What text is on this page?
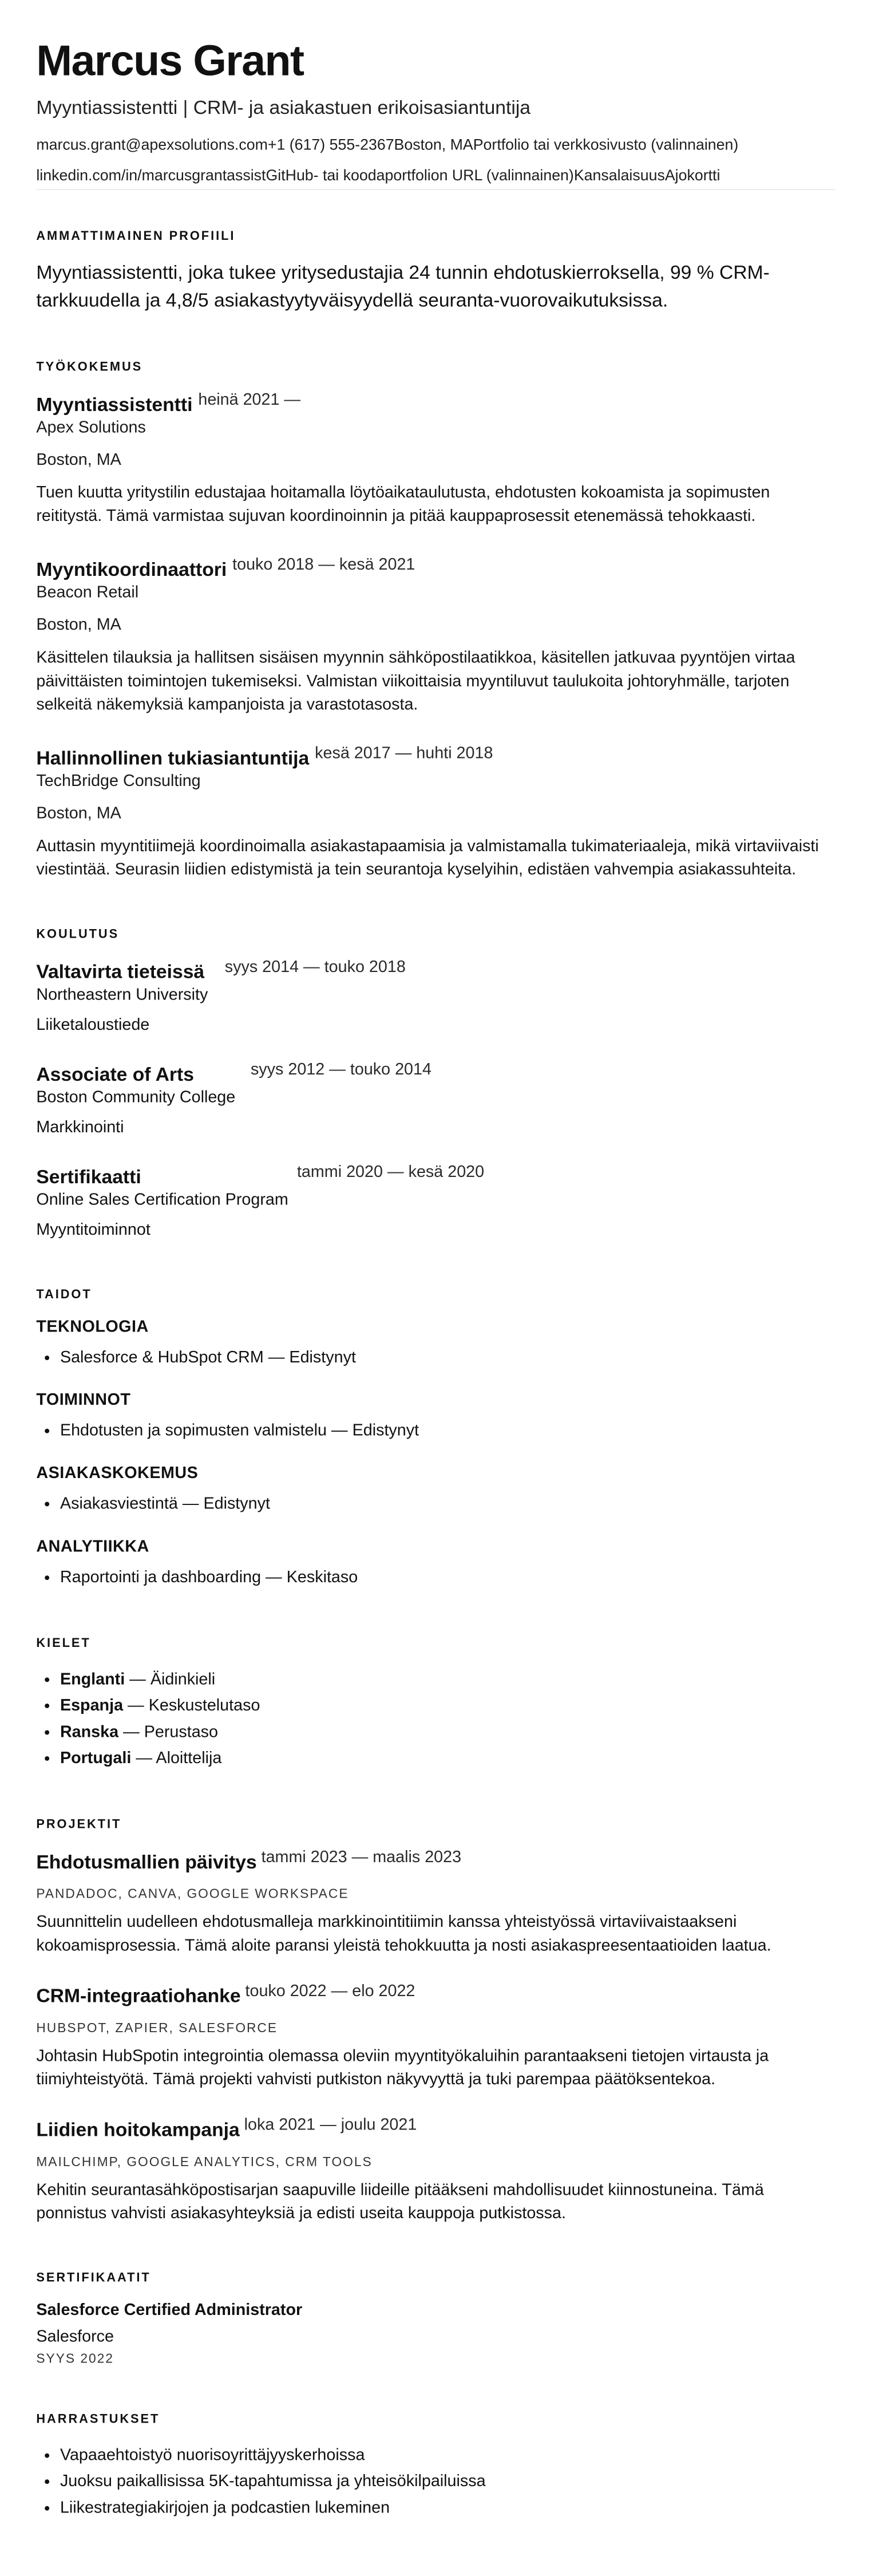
Marcus Grant
Myyntiassistentti | CRM- ja asiakastuen erikoisasiantuntija
marcus.grant@apexsolutions.com +1 (617) 555-2367 Boston, MA Portfolio tai verkkosivusto (valinnainen)
linkedin.com/in/marcusgrantassist GitHub- tai koodaportfolion URL (valinnainen) Kansalaisuus Ajokortti
AMMATTIMAINEN PROFIILI
Myyntiassistentti, joka tukee yritysedustajia 24 tunnin ehdotuskierroksella, 99 % CRM-tarkkuudella ja 4,8/5 asiakastyytyväisyydellä seuranta-vuorovaikutuksissa.
TYÖKOKEMUS
Myyntiassistentti heinä 2021 —
Apex Solutions
Boston, MA
Tuen kuutta yritystilin edustajaa hoitamalla löytöaikataulutusta, ehdotusten kokoamista ja sopimusten reititystä. Tämä varmistaa sujuvan koordinoinnin ja pitää kauppaprosessit etenemässä tehokkaasti.
Myyntikoordinaattori touko 2018 — kesä 2021
Beacon Retail
Boston, MA
Käsittelen tilauksia ja hallitsen sisäisen myynnin sähköpostilaatikkoa, käsitellen jatkuvaa pyyntöjen virtaa päivittäisten toimintojen tukemiseksi. Valmistan viikoittaisia myyntiluvut taulukoita johtoryhmälle, tarjoten selkeitä näkemyksiä kampanjoista ja varastotasosta.
Hallinnollinen tukiasiantuntija kesä 2017 — huhti 2018
TechBridge Consulting
Boston, MA
Auttasin myyntitiimejä koordinoimalla asiakastapaamisia ja valmistamalla tukimateriaaleja, mikä virtaviivaisti viestintää. Seurasin liidien edistymistä ja tein seurantoja kyselyihin, edistäen vahvempia asiakassuhteita.
KOULUTUS
Valtavirta tieteissä syys 2014 — touko 2018
Northeastern University
Liiketaloustiede
Associate of Arts	syys 2012 — touko 2014
Boston Community College
Markkinointi
Sertifikaatti	tammi 2020 — kesä 2020
Online Sales Certification Program
Myyntitoiminnot
TAIDOT
TEKNOLOGIA
• Salesforce & HubSpot CRM — Edistynyt
TOIMINNOT
• Ehdotusten ja sopimusten valmistelu — Edistynyt
ASIAKASKOKEMUS
• Asiakasviestintä — Edistynyt
ANALYTIIKKA
• Raportointi ja dashboarding — Keskitaso
KIELET
• Englanti — Äidinkieli
• Espanja — Keskustelutaso
• Ranska — Perustaso
• Portugali — Aloittelija
PROJEKTIT
Ehdotusmallien päivitys tammi 2023 — maalis 2023
PANDADOC, CANVA, GOOGLE WORKSPACE
Suunnittelin uudelleen ehdotusmalleja markkinointitiimin kanssa yhteistyössä virtaviivaistaakseni kokoamisprosessia. Tämä aloite paransi yleistä tehokkuutta ja nosti asiakaspreesentaatioiden laatua.
CRM-integraatiohanke touko 2022 — elo 2022
HUBSPOT, ZAPIER, SALESFORCE
Johtasin HubSpotin integrointia olemassa oleviin myyntityökaluihin parantaakseni tietojen virtausta ja tiimiyhteistyötä. Tämä projekti vahvisti putkiston näkyvyyttä ja tuki parempaa päätöksentekoa.
Liidien hoitokampanja loka 2021 — joulu 2021
MAILCHIMP, GOOGLE ANALYTICS, CRM TOOLS
Kehitin seurantasähköpostisarjan saapuville liideille pitääkseni mahdollisuudet kiinnostuneina. Tämä ponnistus vahvisti asiakasyhteyksiä ja edisti useita kauppoja putkistossa.
SERTIFIKAATIT
Salesforce Certified Administrator
Salesforce
SYYS 2022
HARRASTUKSET
• Vapaaehtoistyö nuorisoyrittäjyyskerhoissa
• Juoksu paikallisissa 5K-tapahtumissa ja yhteisökilpailuissa
• Liikestrategiakirjojen ja podcastien lukeminen
